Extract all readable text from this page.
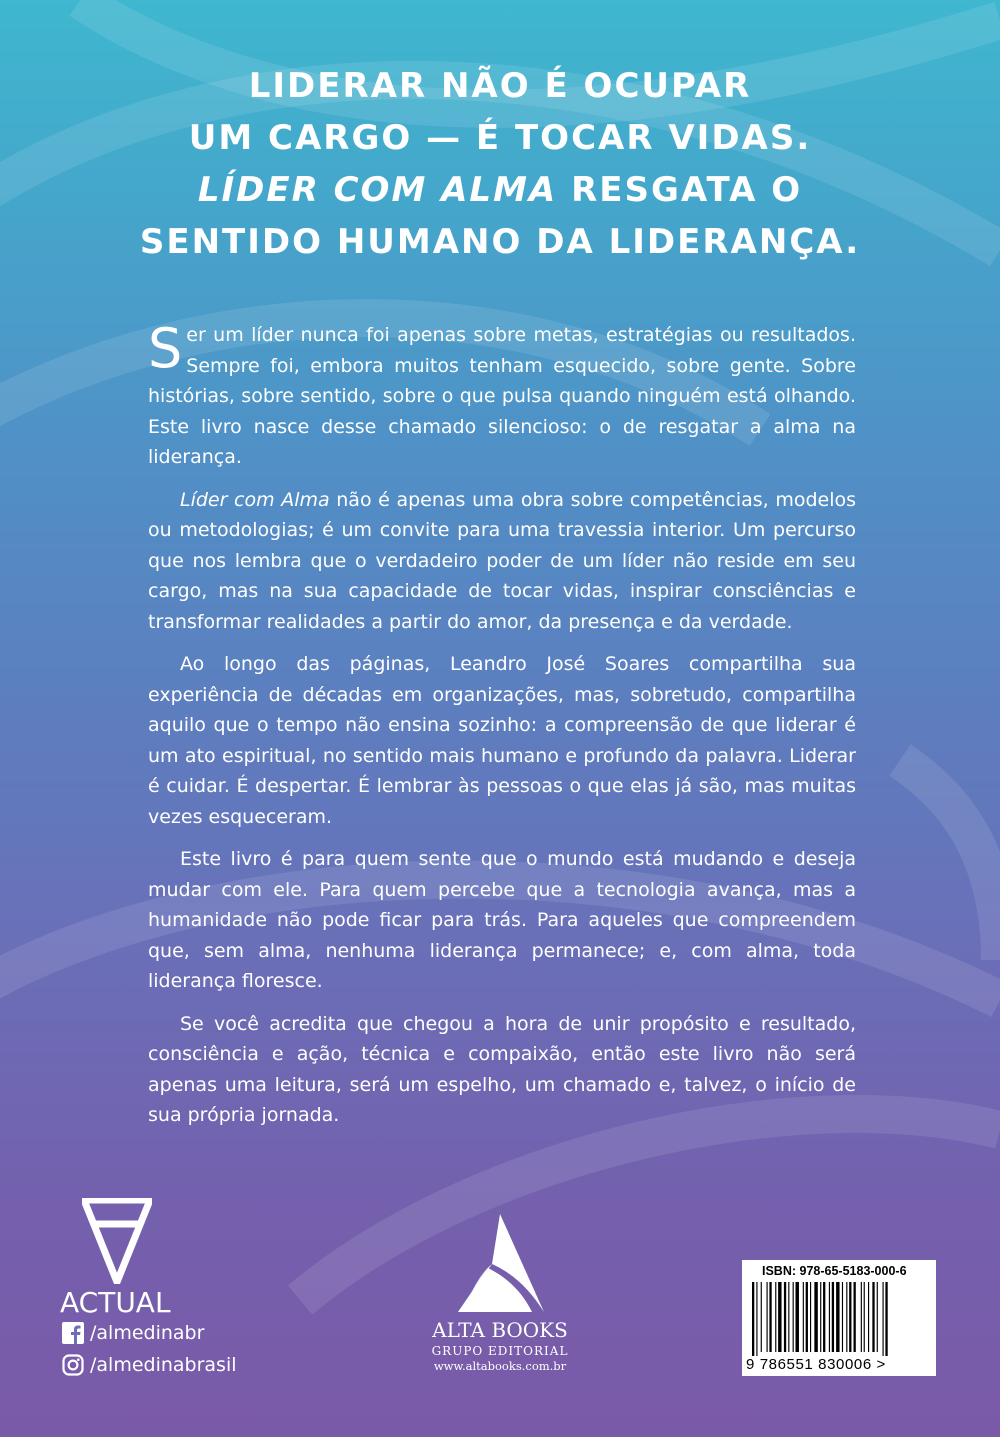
LIDERAR NÃO É OCUPAR
UM CARGO — É TOCAR VIDAS.
LÍDER COM ALMA RESGATA O
SENTIDO HUMANO DA LIDERANÇA.

Ser um líder nunca foi apenas sobre metas, estratégias ou resultados. Sempre foi, embora muitos tenham esquecido, sobre gente. Sobre histórias, sobre sentido, sobre o que pulsa quando ninguém está olhando. Este livro nasce desse chamado silencioso: o de resgatar a alma na liderança.

Líder com Alma não é apenas uma obra sobre competências, modelos ou metodologias; é um convite para uma travessia interior. Um percurso que nos lembra que o verdadeiro poder de um líder não reside em seu cargo, mas na sua capacidade de tocar vidas, inspirar consciências e transformar realidades a partir do amor, da presença e da verdade.

Ao longo das páginas, Leandro José Soares compartilha sua experiência de décadas em organizações, mas, sobretudo, compartilha aquilo que o tempo não ensina sozinho: a compreensão de que liderar é um ato espiritual, no sentido mais humano e profundo da palavra. Liderar é cuidar. É despertar. É lembrar às pessoas o que elas já são, mas muitas vezes esqueceram.

Este livro é para quem sente que o mundo está mudando e deseja mudar com ele. Para quem percebe que a tecnologia avança, mas a humanidade não pode ficar para trás. Para aqueles que compreendem que, sem alma, nenhuma liderança permanece; e, com alma, toda liderança floresce.

Se você acredita que chegou a hora de unir propósito e resultado, consciência e ação, técnica e compaixão, então este livro não será apenas uma leitura, será um espelho, um chamado e, talvez, o início de sua própria jornada.

ACTUAL
/almedinabr
/almedinabrasil
ALTA BOOKS
GRUPO EDITORIAL
www.altabooks.com.br
ISBN: 978-65-5183-000-6
9 786551 830006 >
